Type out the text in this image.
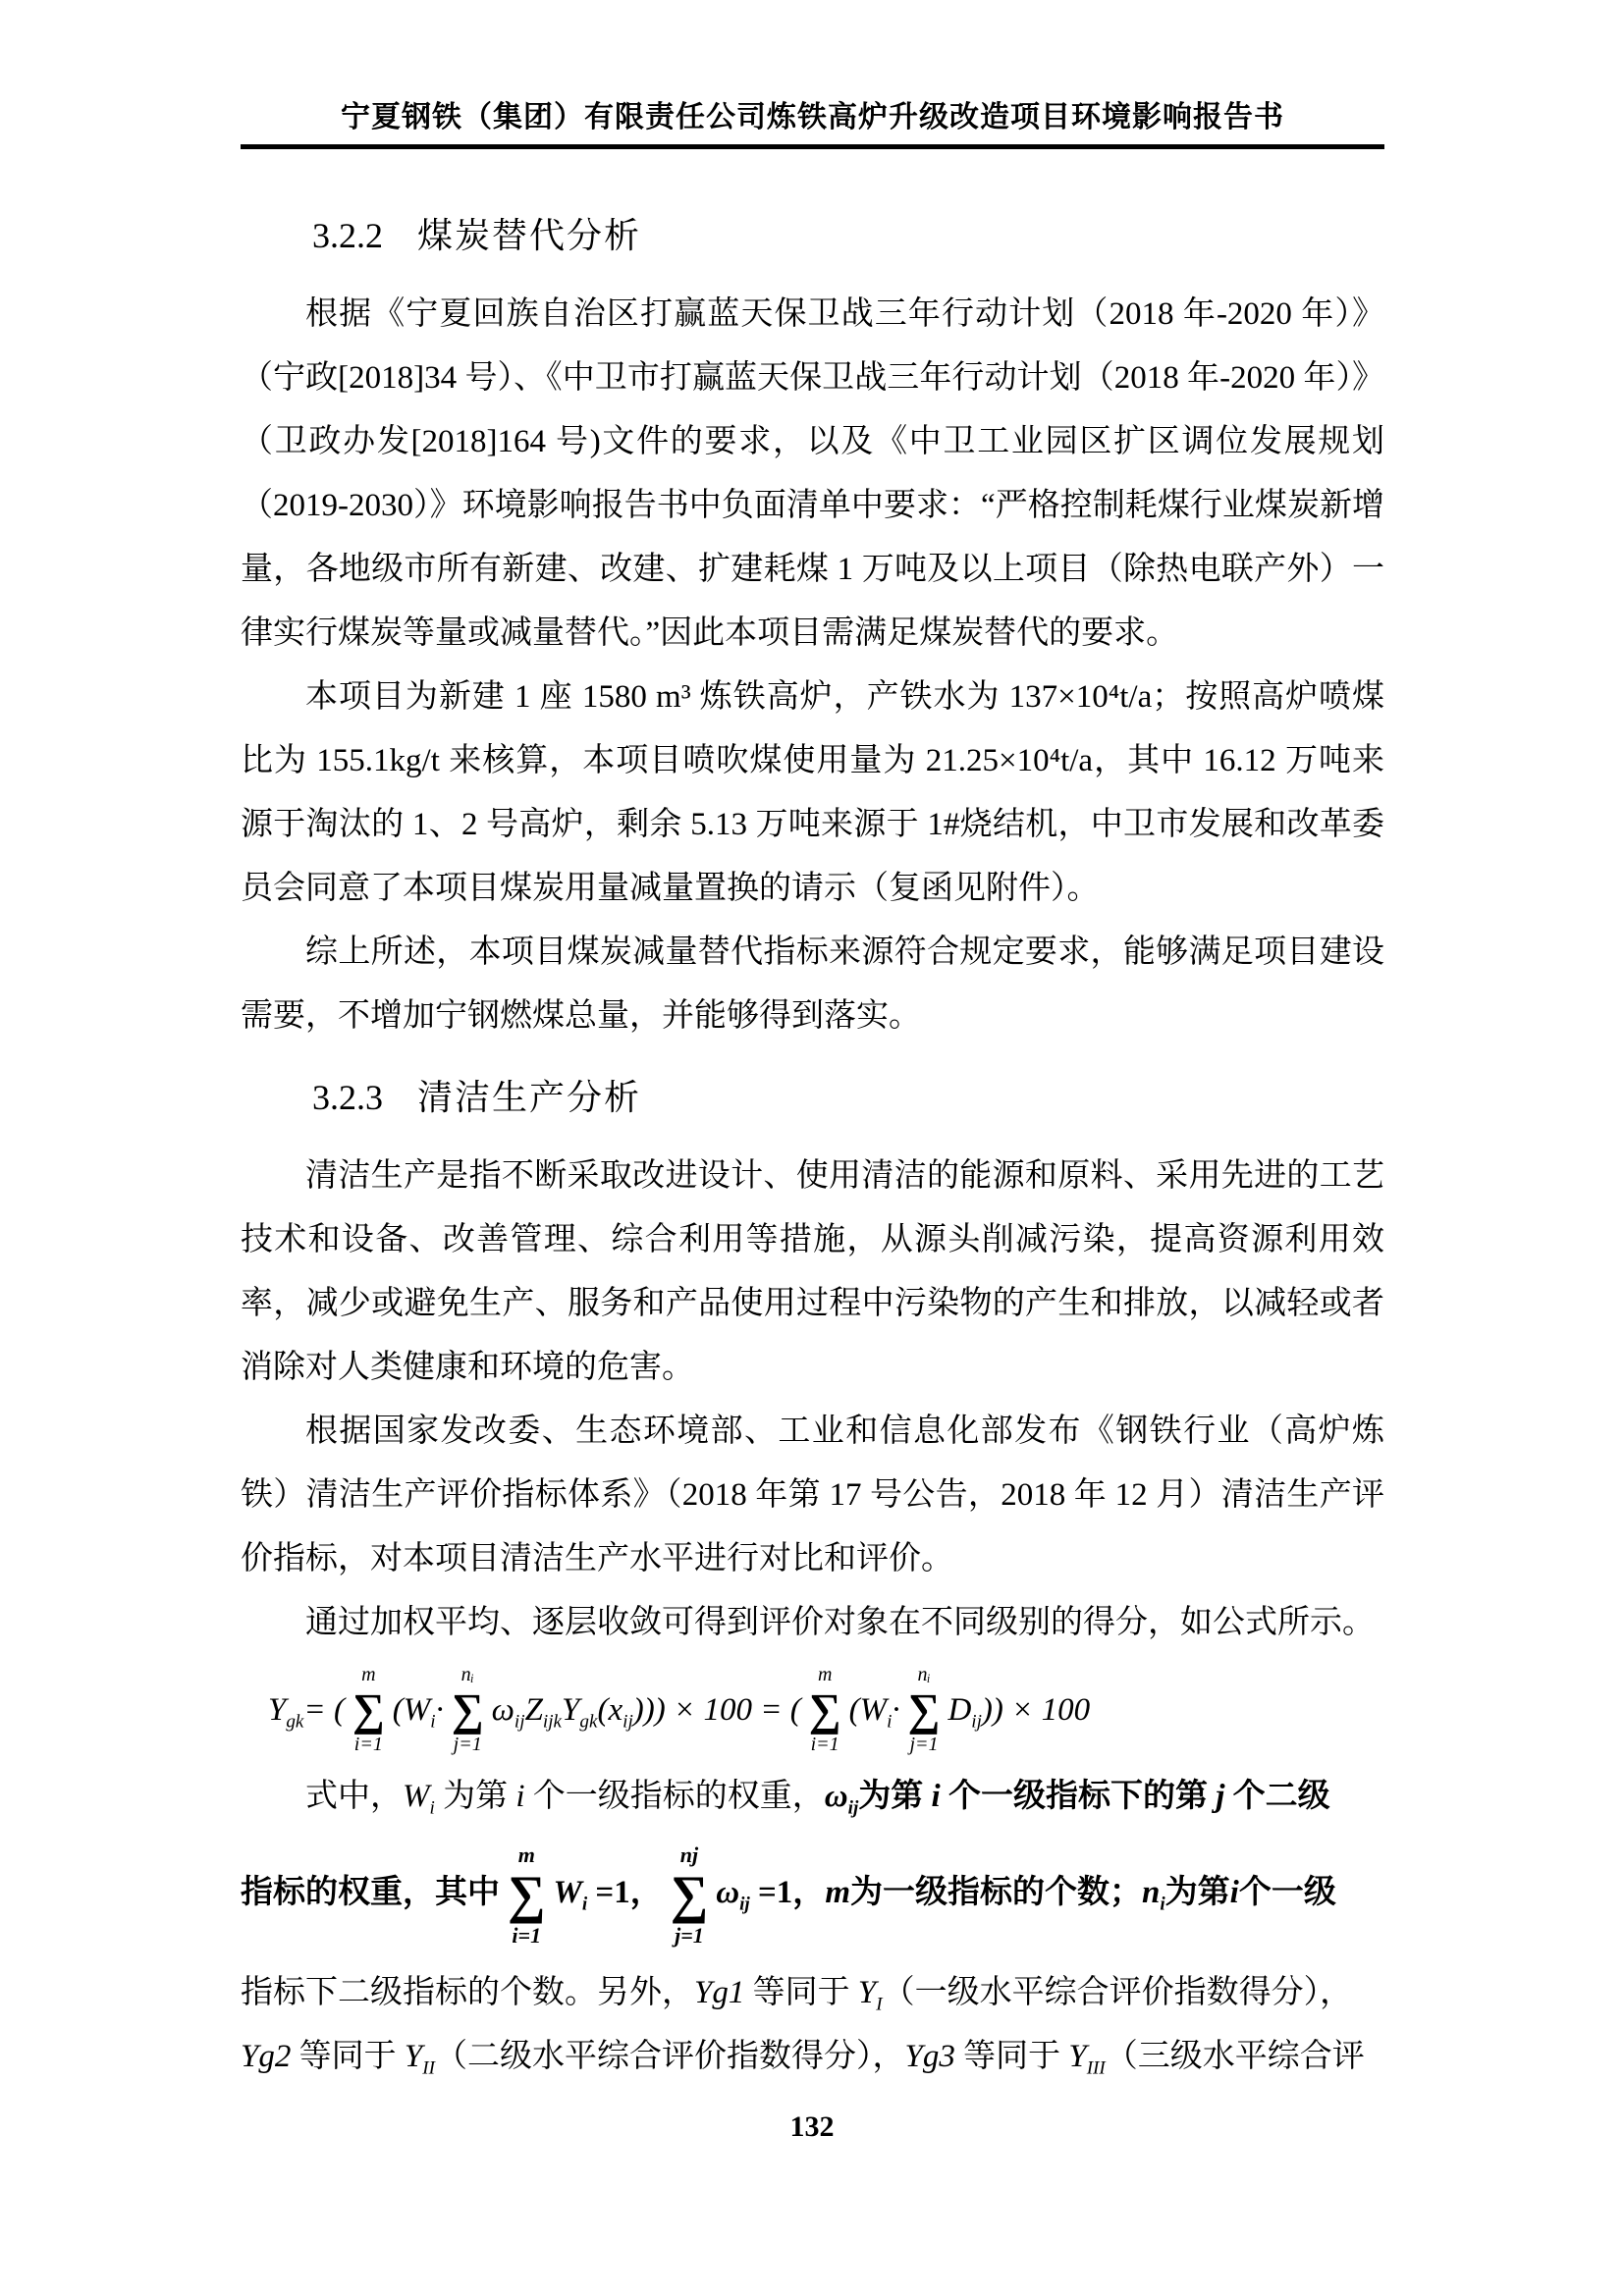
宁夏钢铁（集团）有限责任公司炼铁高炉升级改造项目环境影响报告书
3.2.2 煤炭替代分析

根据《宁夏回族自治区打赢蓝天保卫战三年行动计划（2018 年-2020 年）》（宁政[2018]34 号）、《中卫市打赢蓝天保卫战三年行动计划（2018 年-2020 年）》（卫政办发[2018]164 号)文件的要求，以及《中卫工业园区扩区调位发展规划（2019-2030）》环境影响报告书中负面清单中要求：“严格控制耗煤行业煤炭新增量，各地级市所有新建、改建、扩建耗煤 1 万吨及以上项目（除热电联产外）一律实行煤炭等量或减量替代。”因此本项目需满足煤炭替代的要求。

本项目为新建 1 座 1580 m³ 炼铁高炉，产铁水为 137×10⁴t/a；按照高炉喷煤比为 155.1kg/t 来核算，本项目喷吹煤使用量为 21.25×10⁴t/a，其中 16.12 万吨来源于淘汰的 1、2 号高炉，剩余 5.13 万吨来源于 1#烧结机，中卫市发展和改革委员会同意了本项目煤炭用量减量置换的请示（复函见附件）。

综上所述，本项目煤炭减量替代指标来源符合规定要求，能够满足项目建设需要，不增加宁钢燃煤总量，并能够得到落实。

3.2.3 清洁生产分析

清洁生产是指不断采取改进设计、使用清洁的能源和原料、采用先进的工艺技术和设备、改善管理、综合利用等措施，从源头削减污染，提高资源利用效率，减少或避免生产、服务和产品使用过程中污染物的产生和排放，以减轻或者消除对人类健康和环境的危害。

根据国家发改委、生态环境部、工业和信息化部发布《钢铁行业（高炉炼铁）清洁生产评价指标体系》（2018 年第 17 号公告，2018 年 12 月）清洁生产评价指标，对本项目清洁生产水平进行对比和评价。

通过加权平均、逐层收敛可得到评价对象在不同级别的得分，如公式所示。

$Y_{gk}$ = (
m
∑
i=1
( $W_i$ ·
nᵢ
∑
j=1
$\omega_{ij}$ $Z_{ijk}$ $Y_{gk}$ ( $x_{ij}$ ))) × 100 = (
m
∑
i=1
( $W_i$ ·
nᵢ
∑
j=1
$D_{ij}$ )) × 100
式中，$W_i$ 为第 i 个一级指标的权重，$\omega_{ij}$为第 i 个一级指标下的第 j 个二级
指标的权重，其中
m
∑
i=1
$W_i =1$，
nj
∑
j=1
$\omega_{ij} =1$，m为一级指标的个数；$n_i$为第i个一级
指标下二级指标的个数。另外，Yg1 等同于 $Y_I$（一级水平综合评价指数得分），
Yg2 等同于 $Y_{II}$（二级水平综合评价指数得分），Yg3 等同于 $Y_{III}$（三级水平综合评
132
